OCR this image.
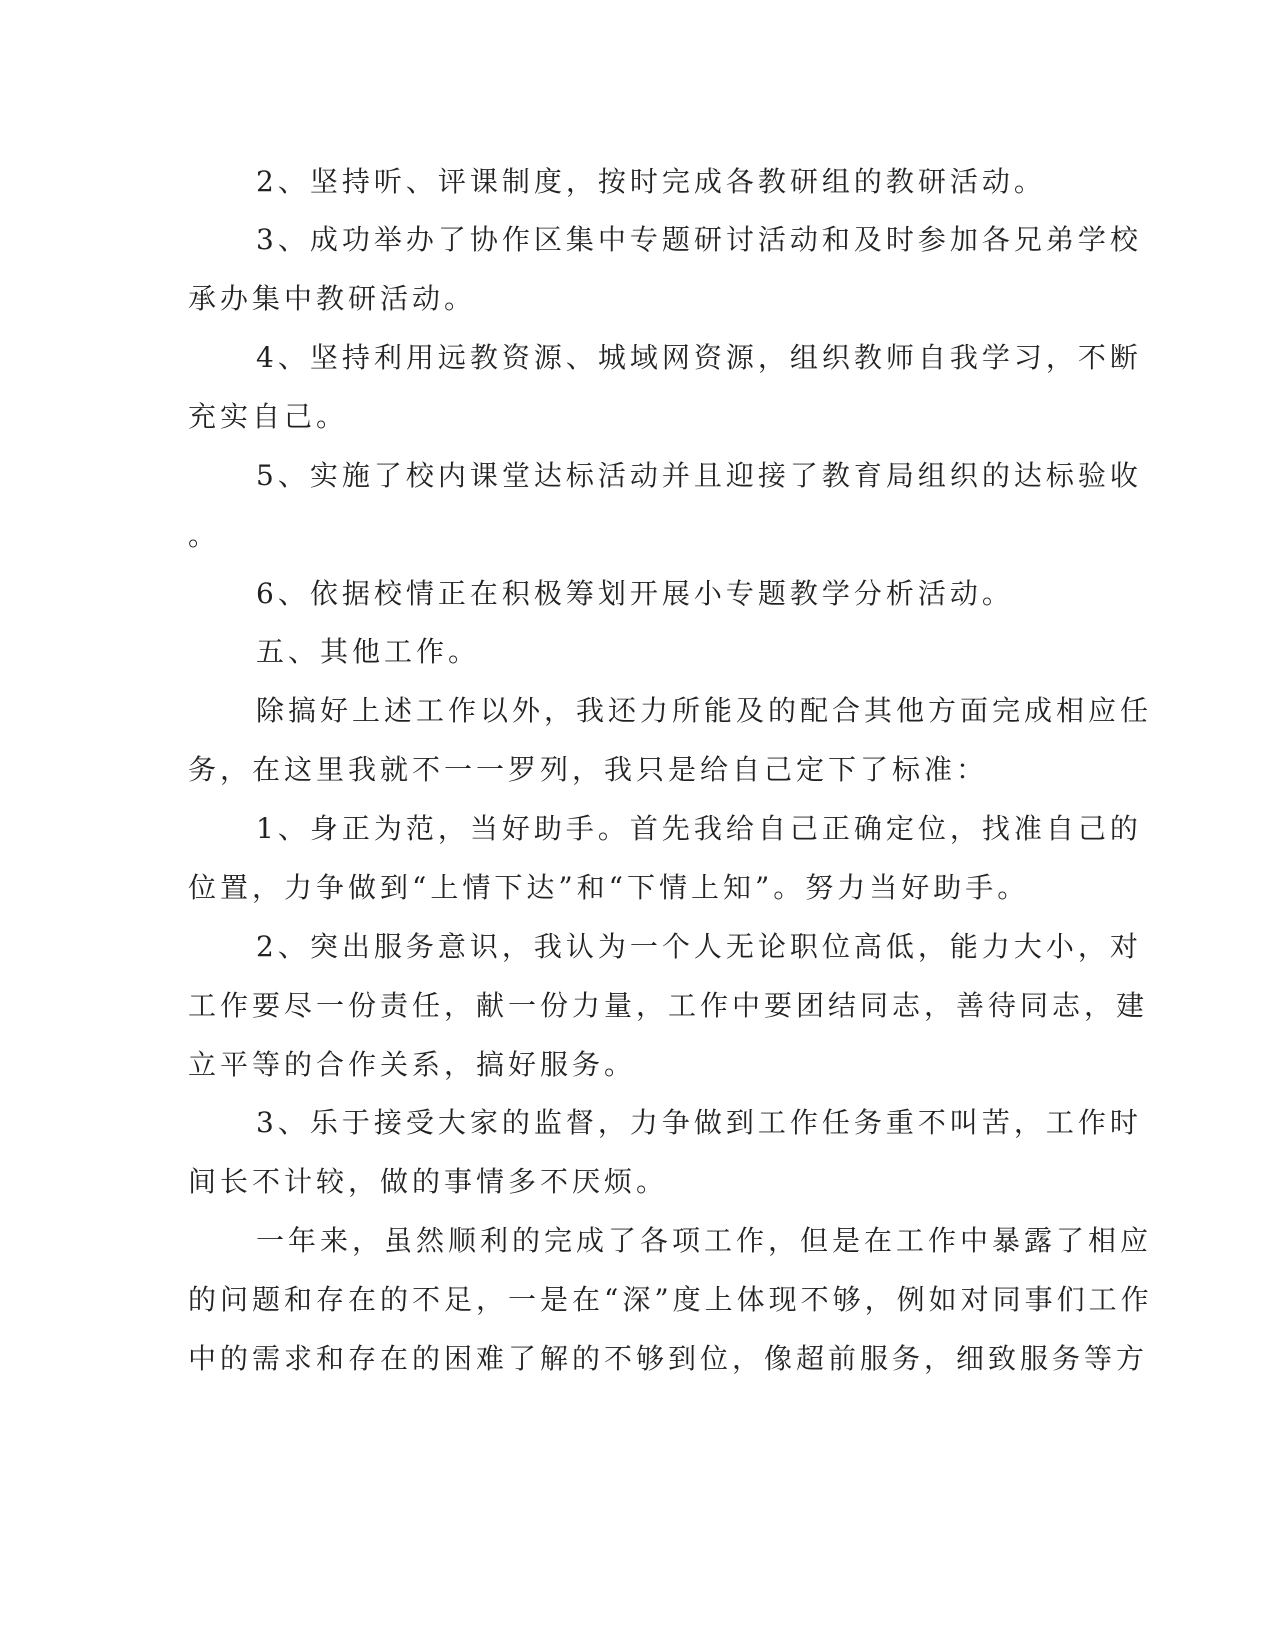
2、坚持听、评课制度，按时完成各教研组的教研活动。
3、成功举办了协作区集中专题研讨活动和及时参加各兄弟学校
承办集中教研活动。
4、坚持利用远教资源、城域网资源，组织教师自我学习，不断
充实自己。
5、实施了校内课堂达标活动并且迎接了教育局组织的达标验收
。
6、依据校情正在积极筹划开展小专题教学分析活动。
五、其他工作。
除搞好上述工作以外，我还力所能及的配合其他方面完成相应任
务，在这里我就不一一罗列，我只是给自己定下了标准：
1、身正为范，当好助手。首先我给自己正确定位，找准自己的
位置，力争做到“上情下达”和“下情上知”。努力当好助手。
2、突出服务意识，我认为一个人无论职位高低，能力大小，对
工作要尽一份责任，献一份力量，工作中要团结同志，善待同志，建
立平等的合作关系，搞好服务。
3、乐于接受大家的监督，力争做到工作任务重不叫苦，工作时
间长不计较，做的事情多不厌烦。
一年来，虽然顺利的完成了各项工作，但是在工作中暴露了相应
的问题和存在的不足，一是在“深”度上体现不够，例如对同事们工作
中的需求和存在的困难了解的不够到位，像超前服务，细致服务等方
